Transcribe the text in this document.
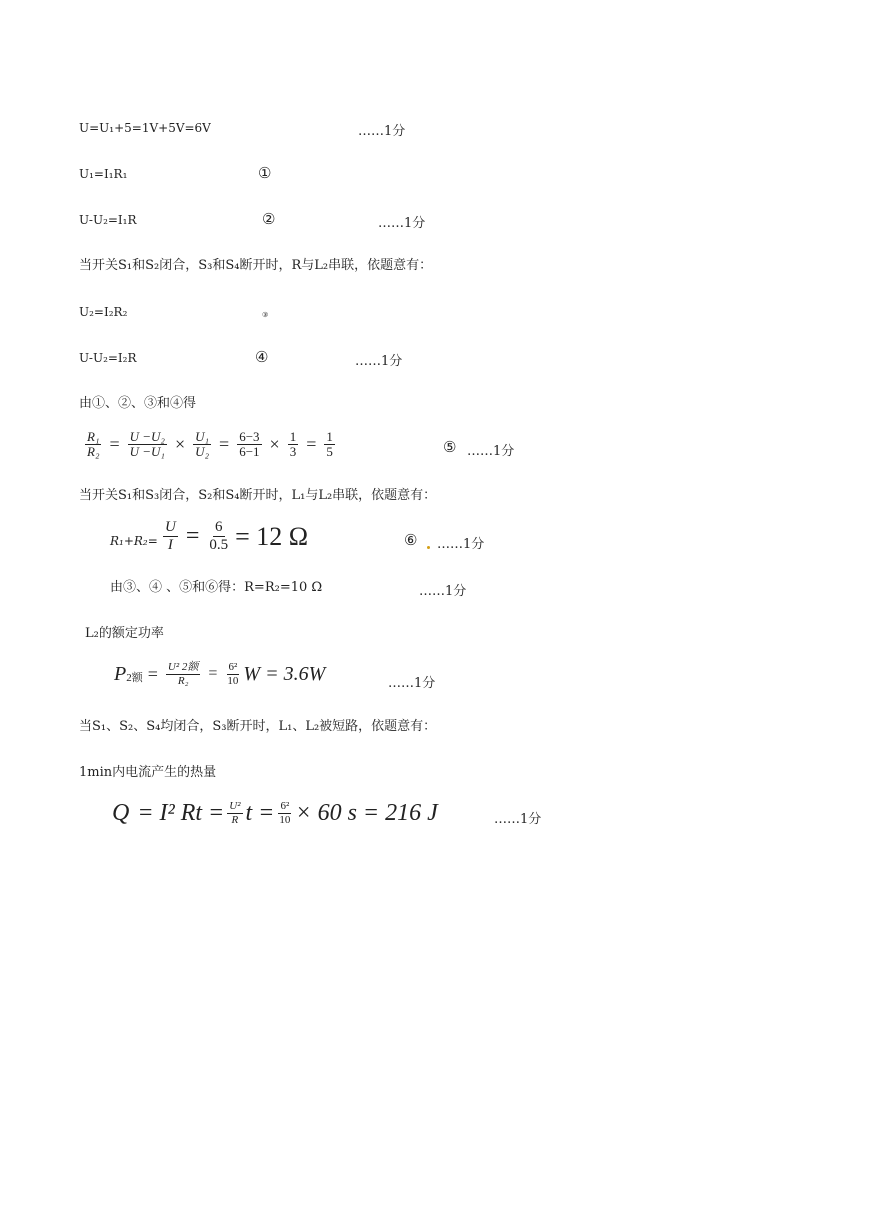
U=U₁+5=1V+5V=6V	……1分
U₁=I₁R₁	①
U-U₂=I₁R	②	……1分
当开关S₁和S₂闭合，S₃和S₄断开时，R与L₂串联，依题意有：
U₂=I₂R₂	③
U-U₂=I₂R	④	……1分
由①、②、③和④得
$\frac{\text{R₁}}{\text{R₂}} = \frac{\text{U −U₂}}{\text{U −U₁}} \times \frac{\text{U₁}}{\text{U₂}} = \frac{6-3}{6-1} \times \frac{1}{3} = \frac{1}{5}$	⑤ ……1分
当开关S₁和S₃闭合，S₂和S₄断开时，L₁与L₂串联，依题意有：
$R_1+R_2= \frac{U}{I} = \frac{6}{0.5} = 12$ Ω	⑥ ……1分
由③、④ 、⑤和⑥得：R=R₂=10 Ω	……1分
L₂的额定功率
P 2额 = $\frac{\text{U² 2额}}{\text{R₂}} = \frac{\text{6²}}{10}$ W = 3.6W	……1分
当S₁、S₂、S₄均闭合，S₃断开时，L₁、L₂被短路，依题意有：
1min内电流产生的热量
Q = I² $Rt = \frac{\text{U²}}{R}$ $t = \frac{\text{6²}}{10} \times 60$ s = 216 J	……1分
